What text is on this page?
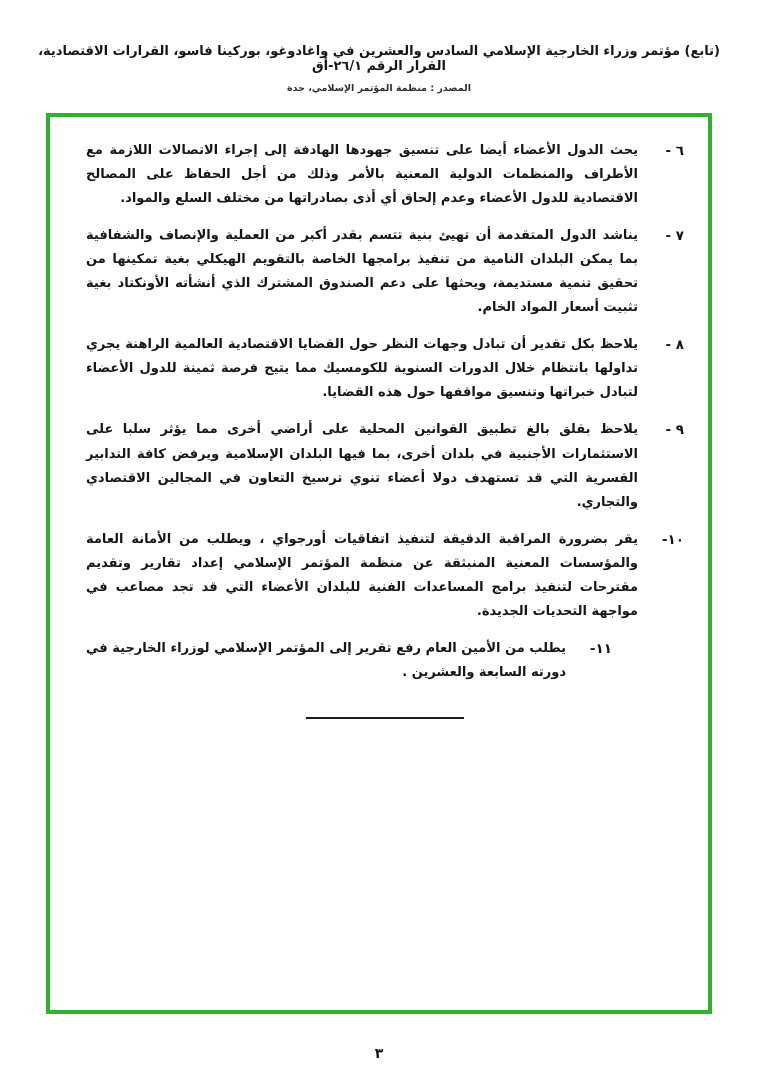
(تابع) مؤتمر وزراء الخارجية الإسلامي السادس والعشرين في واغادوغو، بوركينا فاسو، القرارات الاقتصادية، القرار الرقم ٢٦/١-أق
المصدر : منظمة المؤتمر الإسلامي، جدة
٦ -
يحث الدول الأعضاء أيضا على تنسيق جهودها الهادفة إلى إجراء الاتصالات اللازمة مع الأطراف والمنظمات الدولية المعنية بالأمر وذلك من أجل الحفاظ على المصالح الاقتصادية للدول الأعضاء وعدم إلحاق أي أذى بصادراتها من مختلف السلع والمواد.
٧ -
يناشد الدول المتقدمة أن تهيئ بنية تتسم بقدر أكبر من العملية والإنصاف والشفافية بما يمكن البلدان النامية من تنفيذ برامجها الخاصة بالتقويم الهيكلي بغية تمكينها من تحقيق تنمية مستديمة، ويحثها على دعم الصندوق المشترك الذي أنشأته الأونكتاد بغية تثبيت أسعار المواد الخام.
٨ -
يلاحظ بكل تقدير أن تبادل وجهات النظر حول القضايا الاقتصادية العالمية الراهنة يجري تداولها بانتظام خلال الدورات السنوية للكومسيك مما يتيح فرصة ثمينة للدول الأعضاء لتبادل خبراتها وتنسيق مواقفها حول هذه القضايا.
٩ -
يلاحظ بقلق بالغ تطبيق القوانين المحلية على أراضي أخرى مما يؤثر سلبا على الاستثمارات الأجنبية في بلدان أخرى، بما فيها البلدان الإسلامية ويرفض كافة التدابير القسرية التي قد تستهدف دولا أعضاء تنوي ترسيخ التعاون في المجالين الاقتصادي والتجاري.
١٠-
يقر بضرورة المراقبة الدقيقة لتنفيذ اتفاقيات أورجواي ، ويطلب من الأمانة العامة والمؤسسات المعنية المنبثقة عن منظمة المؤتمر الإسلامي إعداد تقارير وتقديم مقترحات لتنفيذ برامج المساعدات الفنية للبلدان الأعضاء التي قد تجد مصاعب في مواجهة التحديات الجديدة.
١١-
يطلب من الأمين العام رفع تقرير إلى المؤتمر الإسلامي لوزراء الخارجية في دورته السابعة والعشرين .
٣
